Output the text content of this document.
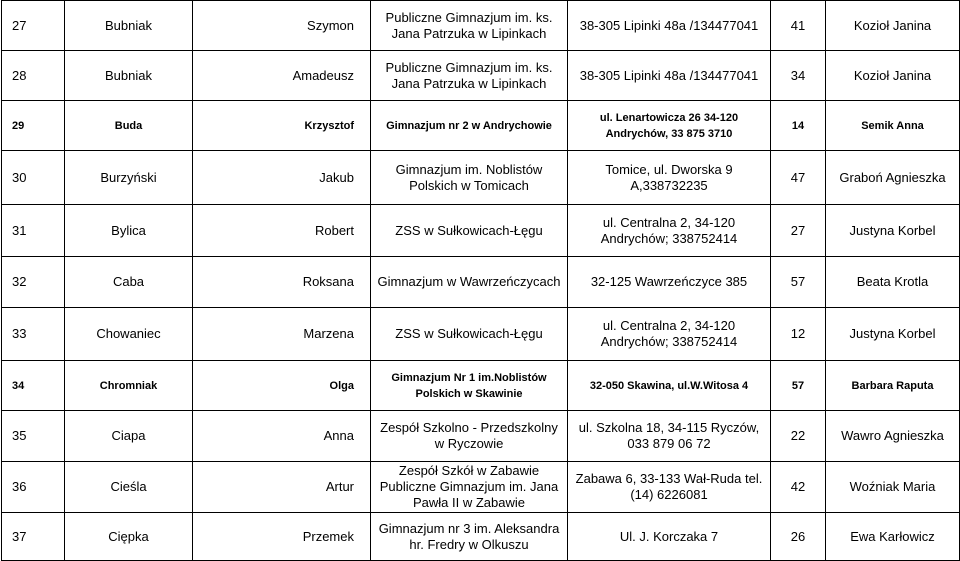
27	Bubniak	Szymon	Publiczne Gimnazjum im. ks. Jana Patrzuka w Lipinkach	38-305 Lipinki 48a /134477041	41	Kozioł Janina
28	Bubniak	Amadeusz	Publiczne Gimnazjum im. ks. Jana Patrzuka w Lipinkach	38-305 Lipinki 48a /134477041	34	Kozioł Janina
29	Buda	Krzysztof	Gimnazjum nr 2 w Andrychowie	ul. Lenartowicza 26 34-120 Andrychów, 33 875 3710	14	Semik Anna
30	Burzyński	Jakub	Gimnazjum im. Noblistów Polskich w Tomicach	Tomice, ul. Dworska 9 A,338732235	47	Graboń Agnieszka
31	Bylica	Robert	ZSS w Sułkowicach-Łęgu	ul. Centralna 2, 34-120 Andrychów; 338752414	27	Justyna Korbel
32	Caba	Roksana	Gimnazjum w Wawrzeńczycach	32-125 Wawrzeńczyce 385	57	Beata Krotla
33	Chowaniec	Marzena	ZSS w Sułkowicach-Łęgu	ul. Centralna 2, 34-120 Andrychów; 338752414	12	Justyna Korbel
34	Chromniak	Olga	Gimnazjum Nr 1 im.Noblistów Polskich w Skawinie	32-050 Skawina, ul.W.Witosa 4	57	Barbara Raputa
35	Ciapa	Anna	Zespół Szkolno - Przedszkolny w Ryczowie	ul. Szkolna 18, 34-115 Ryczów, 033 879 06 72	22	Wawro Agnieszka
36	Cieśla	Artur	Zespół Szkół w Zabawie Publiczne Gimnazjum im. Jana Pawła II w Zabawie	Zabawa 6, 33-133 Wał-Ruda tel. (14) 6226081	42	Woźniak Maria
37	Ciępka	Przemek	Gimnazjum nr 3 im. Aleksandra hr. Fredry w Olkuszu	Ul. J. Korczaka 7	26	Ewa Karłowicz
